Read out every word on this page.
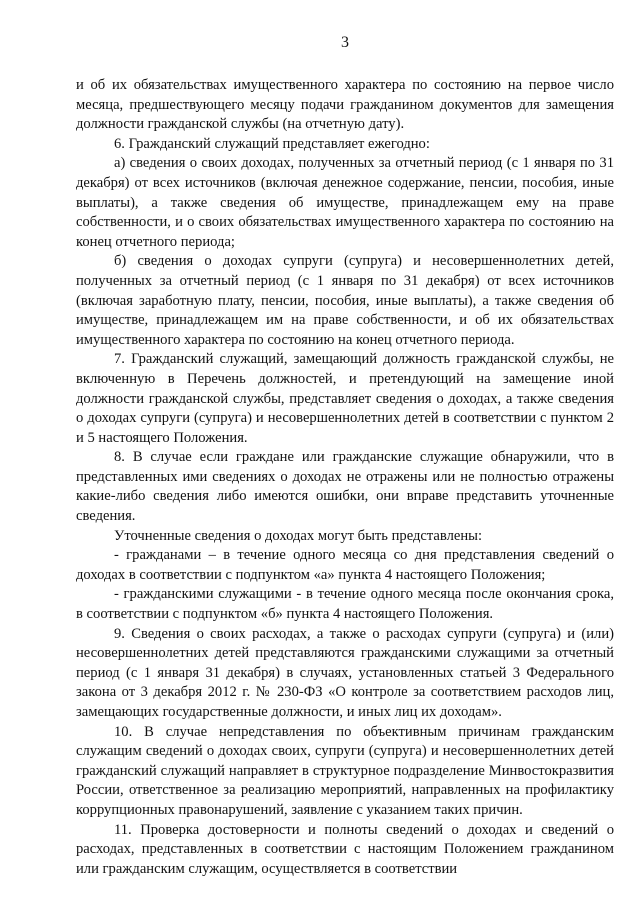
3

и об их обязательствах имущественного характера по состоянию на первое число месяца, предшествующего месяцу подачи гражданином документов для замещения должности гражданской службы (на отчетную дату).

6. Гражданский служащий представляет ежегодно:

а) сведения о своих доходах, полученных за отчетный период (с 1 января по 31 декабря) от всех источников (включая денежное содержание, пенсии, пособия, иные выплаты), а также сведения об имуществе, принадлежащем ему на праве собственности, и о своих обязательствах имущественного характера по состоянию на конец отчетного периода;

б) сведения о доходах супруги (супруга) и несовершеннолетних детей, полученных за отчетный период (с 1 января по 31 декабря) от всех источников (включая заработную плату, пенсии, пособия, иные выплаты), а также сведения об имуществе, принадлежащем им на праве собственности, и об их обязательствах имущественного характера по состоянию на конец отчетного периода.

7. Гражданский служащий, замещающий должность гражданской службы, не включенную в Перечень должностей, и претендующий на замещение иной должности гражданской службы, представляет сведения о доходах, а также сведения о доходах супруги (супруга) и несовершеннолетних детей в соответствии с пунктом 2 и 5 настоящего Положения.

8. В случае если граждане или гражданские служащие обнаружили, что в представленных ими сведениях о доходах не отражены или не полностью отражены какие-либо сведения либо имеются ошибки, они вправе представить уточненные сведения.

Уточненные сведения о доходах могут быть представлены:

- гражданами – в течение одного месяца со дня представления сведений о доходах в соответствии с подпунктом «а» пункта 4 настоящего Положения;

- гражданскими служащими - в течение одного месяца после окончания срока, в соответствии с подпунктом «б» пункта 4 настоящего Положения.

9. Сведения о своих расходах, а также о расходах супруги (супруга) и (или) несовершеннолетних детей представляются гражданскими служащими за отчетный период (с 1 января 31 декабря) в случаях, установленных статьей 3 Федерального закона от 3 декабря 2012 г. № 230-ФЗ «О контроле за соответствием расходов лиц, замещающих государственные должности, и иных лиц их доходам».

10. В случае непредставления по объективным причинам гражданским служащим сведений о доходах своих, супруги (супруга) и несовершеннолетних детей гражданский служащий направляет в структурное подразделение Минвостокразвития России, ответственное за реализацию мероприятий, направленных на профилактику коррупционных правонарушений, заявление с указанием таких причин.

11. Проверка достоверности и полноты сведений о доходах и сведений о расходах, представленных в соответствии с настоящим Положением гражданином или гражданским служащим, осуществляется в соответствии
